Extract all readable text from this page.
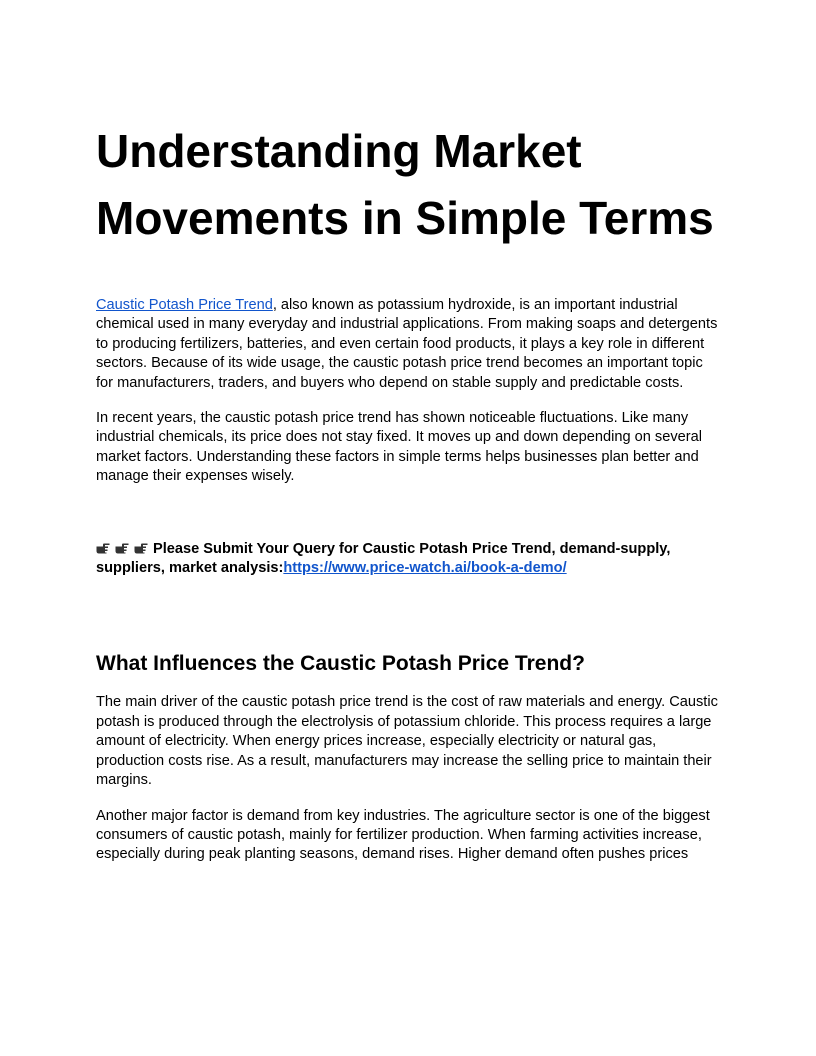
Understanding Market Movements in Simple Terms

Caustic Potash Price Trend, also known as potassium hydroxide, is an important industrial chemical used in many everyday and industrial applications. From making soaps and detergents to producing fertilizers, batteries, and even certain food products, it plays a key role in different sectors. Because of its wide usage, the caustic potash price trend becomes an important topic for manufacturers, traders, and buyers who depend on stable supply and predictable costs.

In recent years, the caustic potash price trend has shown noticeable fluctuations. Like many industrial chemicals, its price does not stay fixed. It moves up and down depending on several market factors. Understanding these factors in simple terms helps businesses plan better and manage their expenses wisely.

Please Submit Your Query for Caustic Potash Price Trend, demand-supply, suppliers, market analysis:https://www.price-watch.ai/book-a-demo/
What Influences the Caustic Potash Price Trend?

The main driver of the caustic potash price trend is the cost of raw materials and energy. Caustic potash is produced through the electrolysis of potassium chloride. This process requires a large amount of electricity. When energy prices increase, especially electricity or natural gas, production costs rise. As a result, manufacturers may increase the selling price to maintain their margins.

Another major factor is demand from key industries. The agriculture sector is one of the biggest consumers of caustic potash, mainly for fertilizer production. When farming activities increase, especially during peak planting seasons, demand rises. Higher demand often pushes prices
